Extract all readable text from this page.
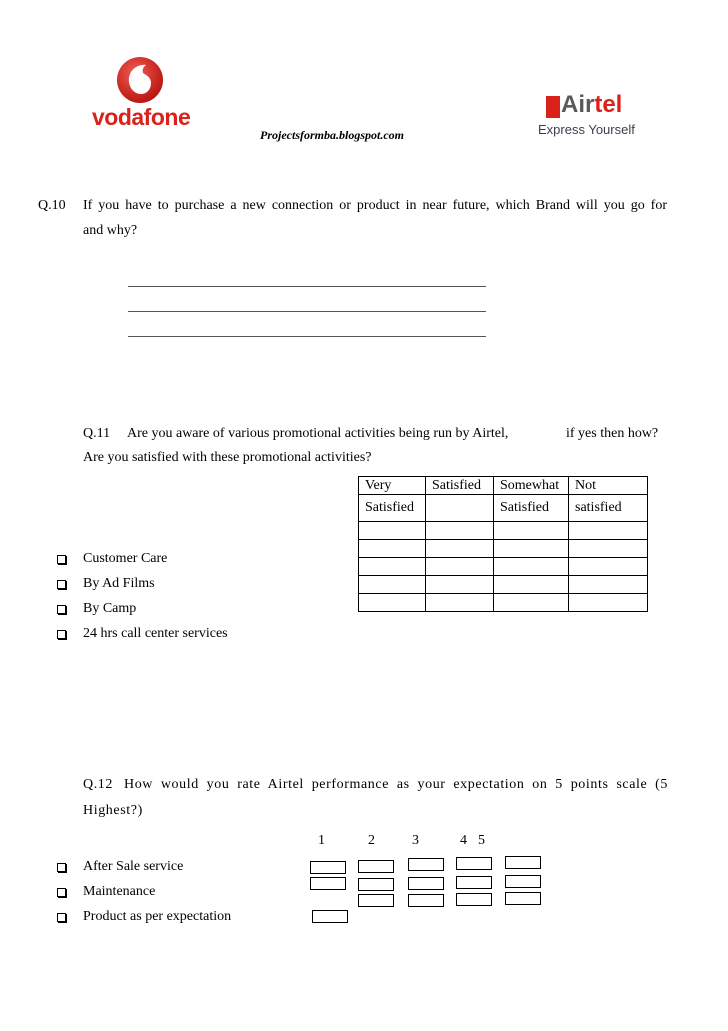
vodafone	Airtel
Express Yourself
Projectsformba.blogspot.com
Q.10 If you have to purchase a new connection or product in near future, which Brand will you go for
and why?
Q.11 Are you aware of various promotional activities being run by Airtel,	if yes then how?
Are you satisfied with these promotional activities?
Very	Satisfied	Somewhat	Not
Satisfied		Satisfied	satisfied

Customer Care
By Ad Films
By Camp
24 hrs call center services
Q.12 How would you rate Airtel performance as your expectation on 5 points scale (5
Highest?)
1	2	3	4 5
After Sale service
Maintenance
Product as per expectation
